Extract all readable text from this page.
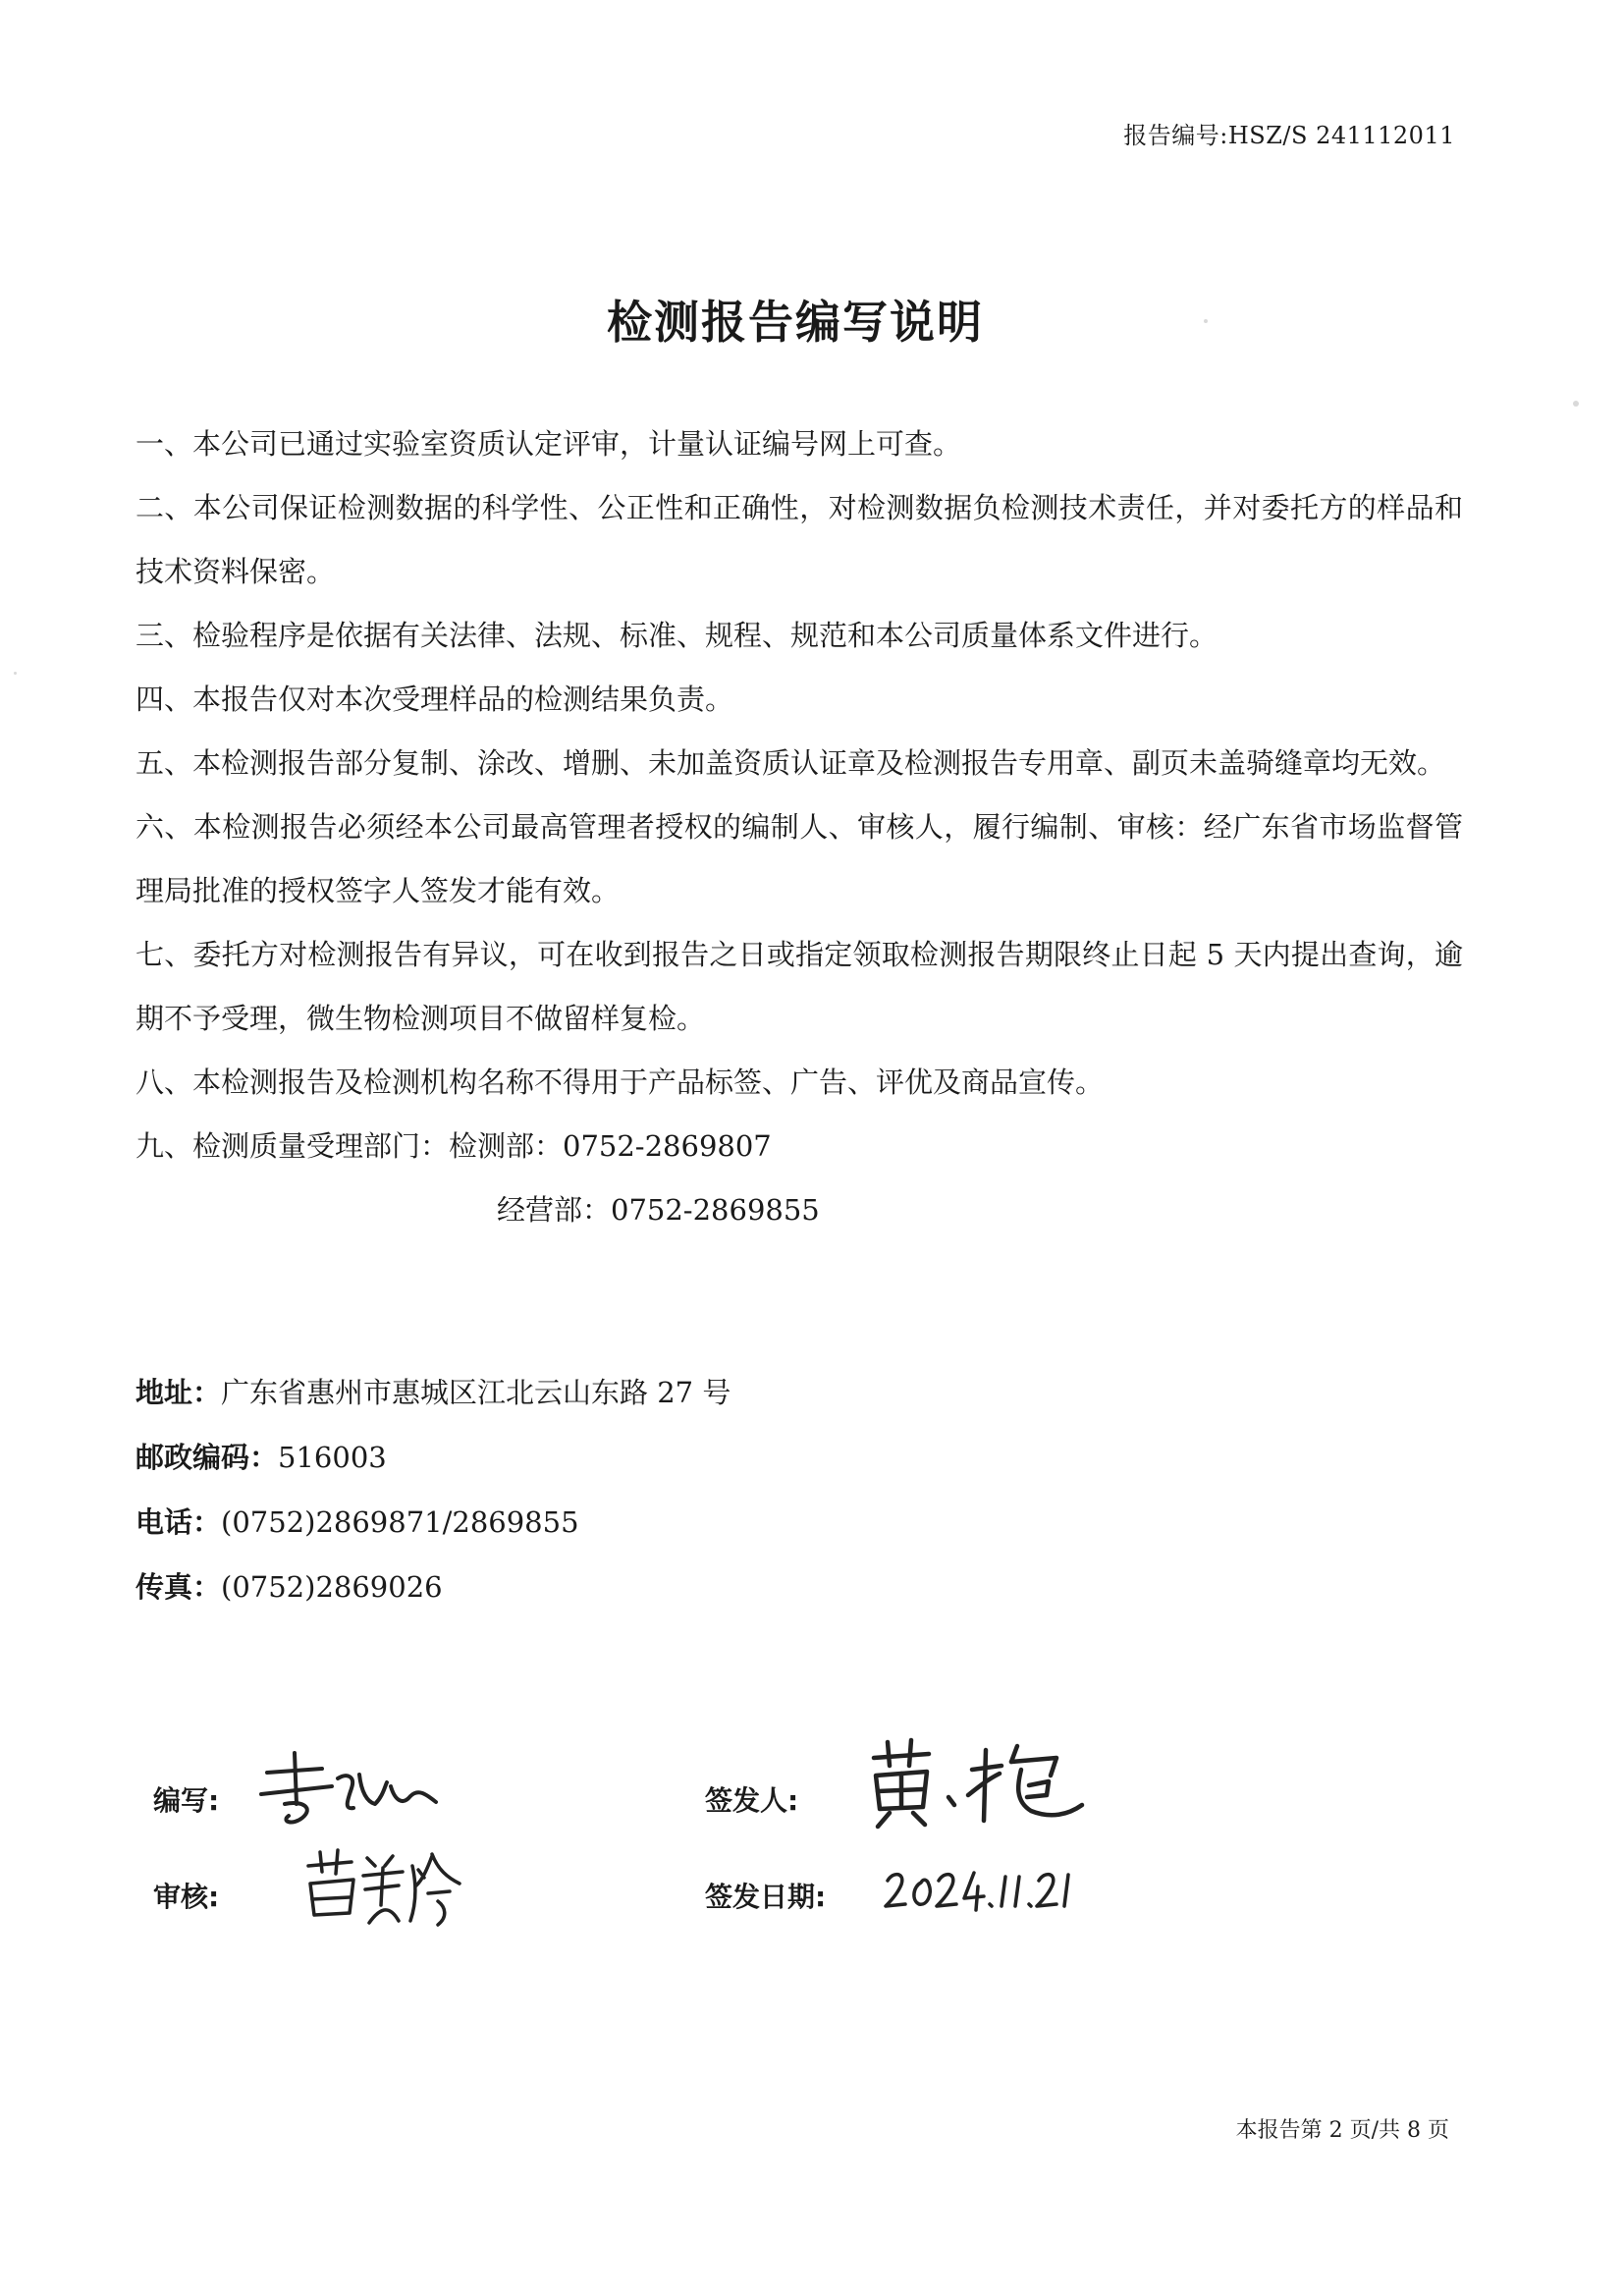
报告编号:HSZ/S 241112011
检测报告编写说明

一、本公司已通过实验室资质认定评审，计量认证编号网上可查。

二、本公司保证检测数据的科学性、公正性和正确性，对检测数据负检测技术责任，并对委托方的样品和技术资料保密。

三、检验程序是依据有关法律、法规、标准、规程、规范和本公司质量体系文件进行。

四、本报告仅对本次受理样品的检测结果负责。

五、本检测报告部分复制、涂改、增删、未加盖资质认证章及检测报告专用章、副页未盖骑缝章均无效。

六、本检测报告必须经本公司最高管理者授权的编制人、审核人，履行编制、审核：经广东省市场监督管理局批准的授权签字人签发才能有效。

七、委托方对检测报告有异议，可在收到报告之日或指定领取检测报告期限终止日起 5 天内提出查询，逾期不予受理，微生物检测项目不做留样复检。

八、本检测报告及检测机构名称不得用于产品标签、广告、评优及商品宣传。

九、检测质量受理部门：检测部：0752-2869807

经营部：0752-2869855

地址：广东省惠州市惠城区江北云山东路 27 号
邮政编码：516003
电话：(0752)2869871/2869855
传真：(0752)2869026
编写:
审核:
签发人:
签发日期:
本报告第 2 页/共 8 页
